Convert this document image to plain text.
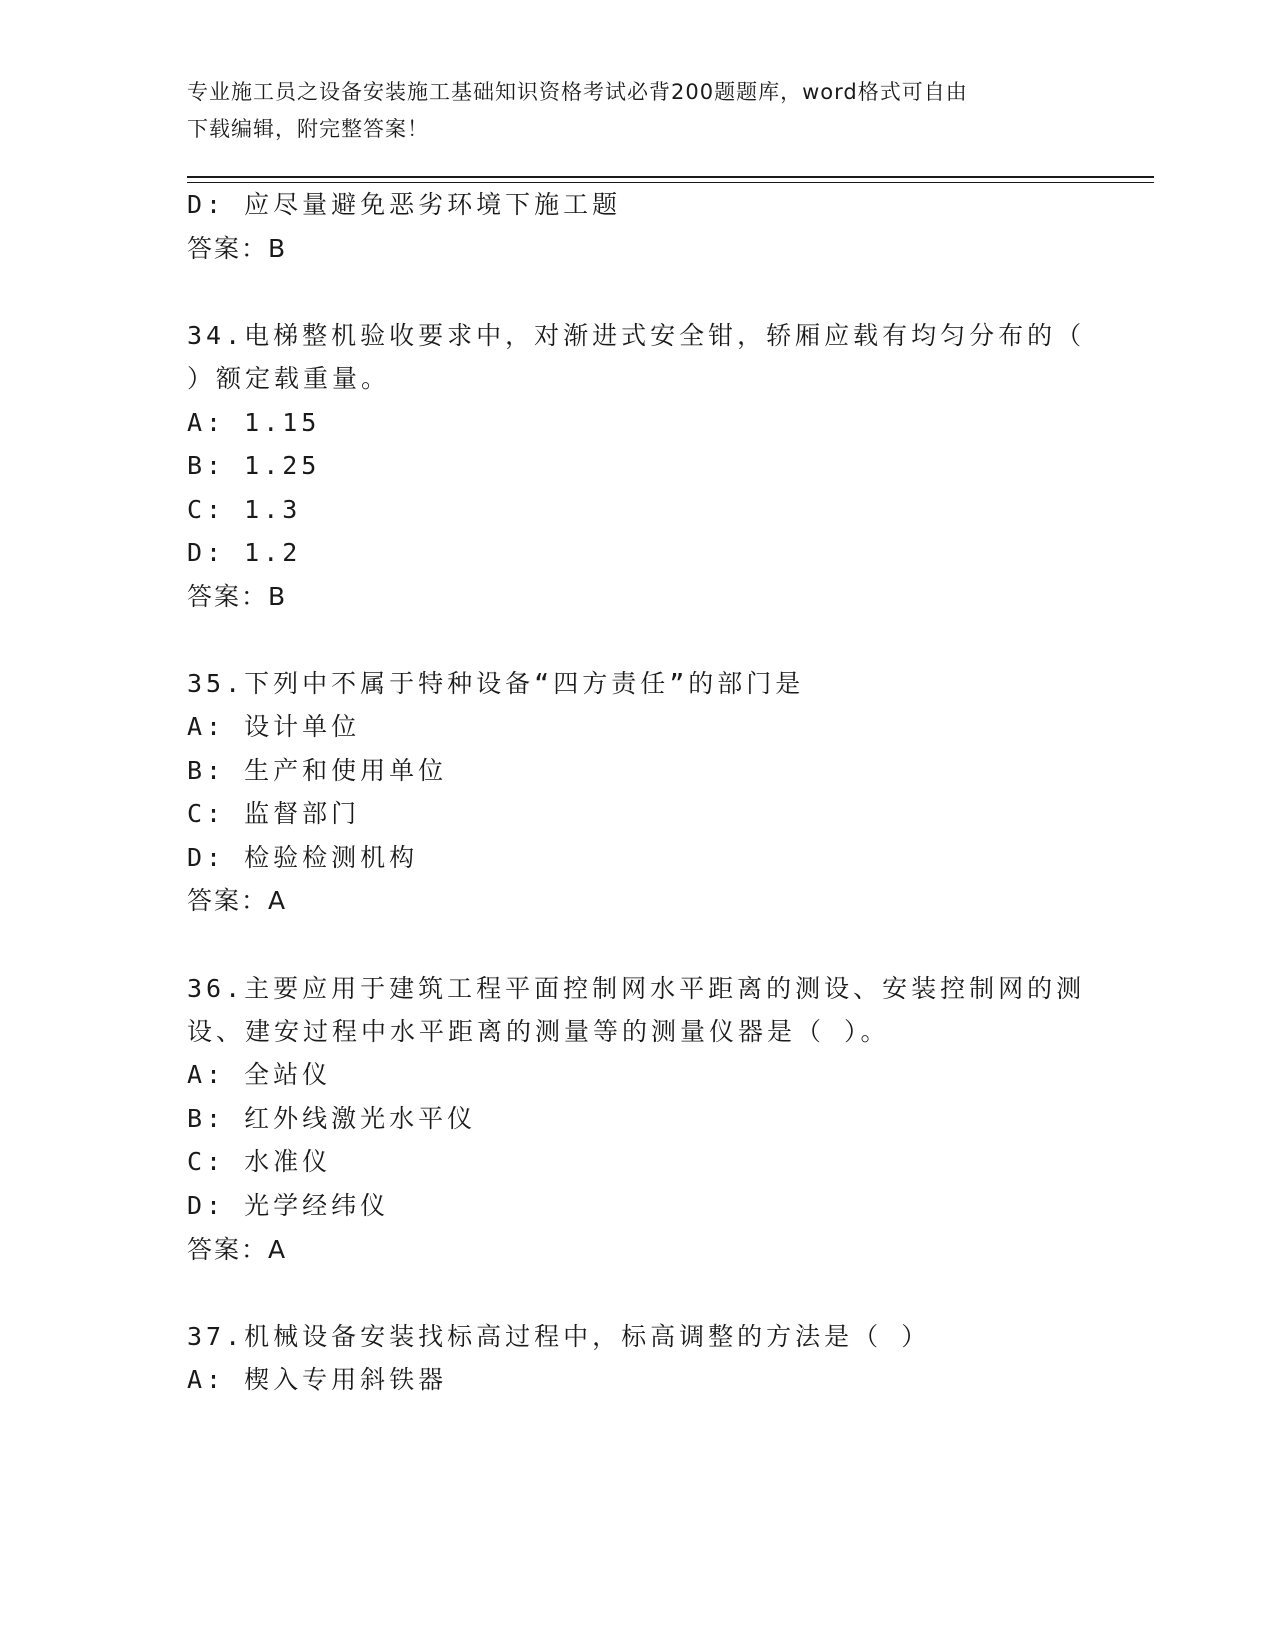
专业施工员之设备安装施工基础知识资格考试必背200题题库，word格式可自由
下载编辑，附完整答案！
D: 应尽量避免恶劣环境下施工题
答案：B
34.电梯整机验收要求中，对渐进式安全钳，轿厢应载有均匀分布的（
）额定载重量。
A: 1.15
B: 1.25
C: 1.3
D: 1.2
答案：B
35.下列中不属于特种设备“四方责任”的部门是
A: 设计单位
B: 生产和使用单位
C: 监督部门
D: 检验检测机构
答案：A
36.主要应用于建筑工程平面控制网水平距离的测设、安装控制网的测
设、建安过程中水平距离的测量等的测量仪器是（ ）。
A: 全站仪
B: 红外线激光水平仪
C: 水准仪
D: 光学经纬仪
答案：A
37.机械设备安装找标高过程中，标高调整的方法是（ ）
A: 楔入专用斜铁器
